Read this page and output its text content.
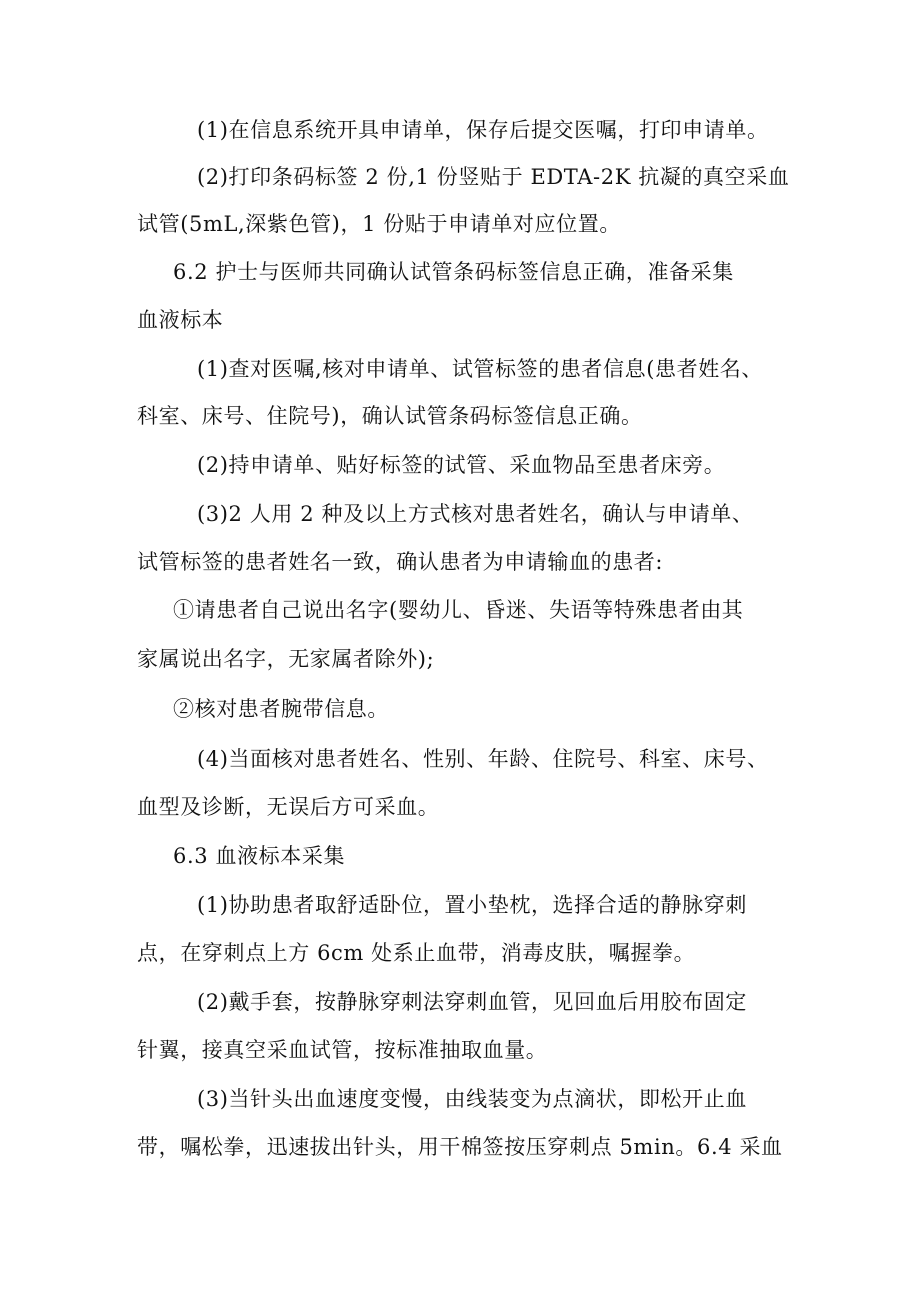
(1)在信息系统开具申请单，保存后提交医嘱，打印申请单。
(2)打印条码标签 2 份,1 份竖贴于 EDTA-2K 抗凝的真空采血
试管(5mL,深紫色管)，1 份贴于申请单对应位置。
6.2 护士与医师共同确认试管条码标签信息正确，准备采集
血液标本
(1)查对医嘱,核对申请单、试管标签的患者信息(患者姓名、
科室、床号、住院号)，确认试管条码标签信息正确。
(2)持申请单、贴好标签的试管、采血物品至患者床旁。
(3)2 人用 2 种及以上方式核对患者姓名，确认与申请单、
试管标签的患者姓名一致，确认患者为申请输血的患者:
①请患者自己说出名字(婴幼儿、昏迷、失语等特殊患者由其
家属说出名字，无家属者除外);
②核对患者腕带信息。
(4)当面核对患者姓名、性别、年龄、住院号、科室、床号、
血型及诊断，无误后方可采血。
6.3 血液标本采集
(1)协助患者取舒适卧位，置小垫枕，选择合适的静脉穿刺
点，在穿刺点上方 6cm 处系止血带，消毒皮肤，嘱握拳。
(2)戴手套，按静脉穿刺法穿刺血管，见回血后用胶布固定
针翼，接真空采血试管，按标准抽取血量。
(3)当针头出血速度变慢，由线装变为点滴状，即松开止血
带，嘱松拳，迅速拔出针头，用干棉签按压穿刺点 5min。6.4 采血
